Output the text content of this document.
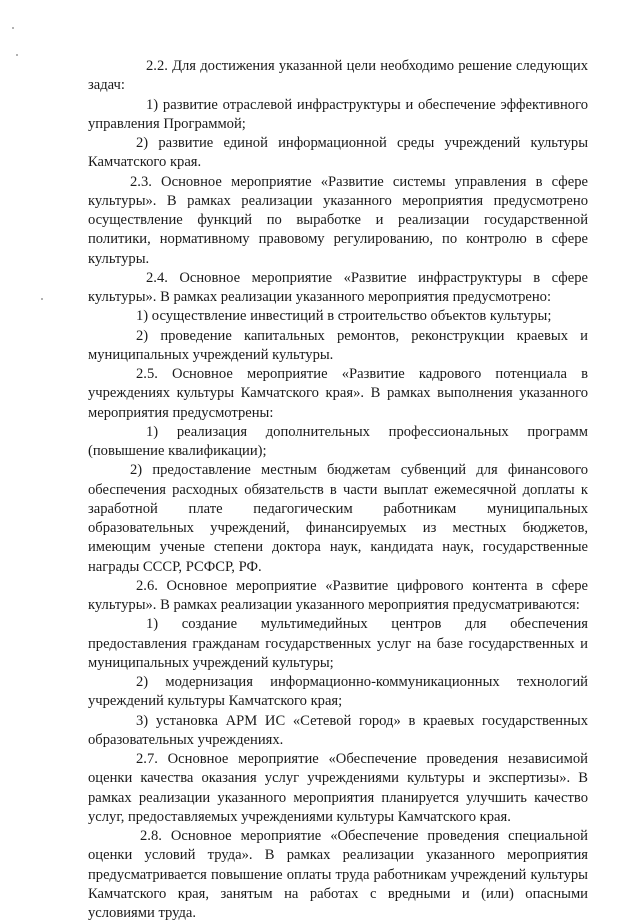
2.2. Для достижения указанной цели необходимо решение следующих задач:

1) развитие отраслевой инфраструктуры и обеспечение эффективного управления Программой;

2) развитие единой информационной среды учреждений культуры Камчатского края.

2.3. Основное мероприятие «Развитие системы управления в сфере культуры». В рамках реализации указанного мероприятия предусмотрено осуществление функций по выработке и реализации государственной политики, нормативному правовому регулированию, по контролю в сфере культуры.

2.4. Основное мероприятие «Развитие инфраструктуры в сфере культуры». В рамках реализации указанного мероприятия предусмотрено:

1) осуществление инвестиций в строительство объектов культуры;

2) проведение капитальных ремонтов, реконструкции краевых и муниципальных учреждений культуры.

2.5. Основное мероприятие «Развитие кадрового потенциала в учреждениях культуры Камчатского края». В рамках выполнения указанного мероприятия предусмотрены:

1) реализация дополнительных профессиональных программ (повышение квалификации);

2) предоставление местным бюджетам субвенций для финансового обеспечения расходных обязательств в части выплат ежемесячной доплаты к заработной плате педагогическим работникам муниципальных образовательных учреждений, финансируемых из местных бюджетов, имеющим ученые степени доктора наук, кандидата наук, государственные награды СССР, РСФСР, РФ.

2.6. Основное мероприятие «Развитие цифрового контента в сфере культуры». В рамках реализации указанного мероприятия предусматриваются:

1) создание мультимедийных центров для обеспечения предоставления гражданам государственных услуг на базе государственных и муниципальных учреждений культуры;

2) модернизация информационно-коммуникационных технологий учреждений культуры Камчатского края;

3) установка АРМ ИС «Сетевой город» в краевых государственных образовательных учреждениях.

2.7. Основное мероприятие «Обеспечение проведения независимой оценки качества оказания услуг учреждениями культуры и экспертизы». В рамках реализации указанного мероприятия планируется улучшить качество услуг, предоставляемых учреждениями культуры Камчатского края.

2.8. Основное мероприятие «Обеспечение проведения специальной оценки условий труда». В рамках реализации указанного мероприятия предусматривается повышение оплаты труда работникам учреждений культуры Камчатского края, занятым на работах с вредными и (или) опасными условиями труда.
